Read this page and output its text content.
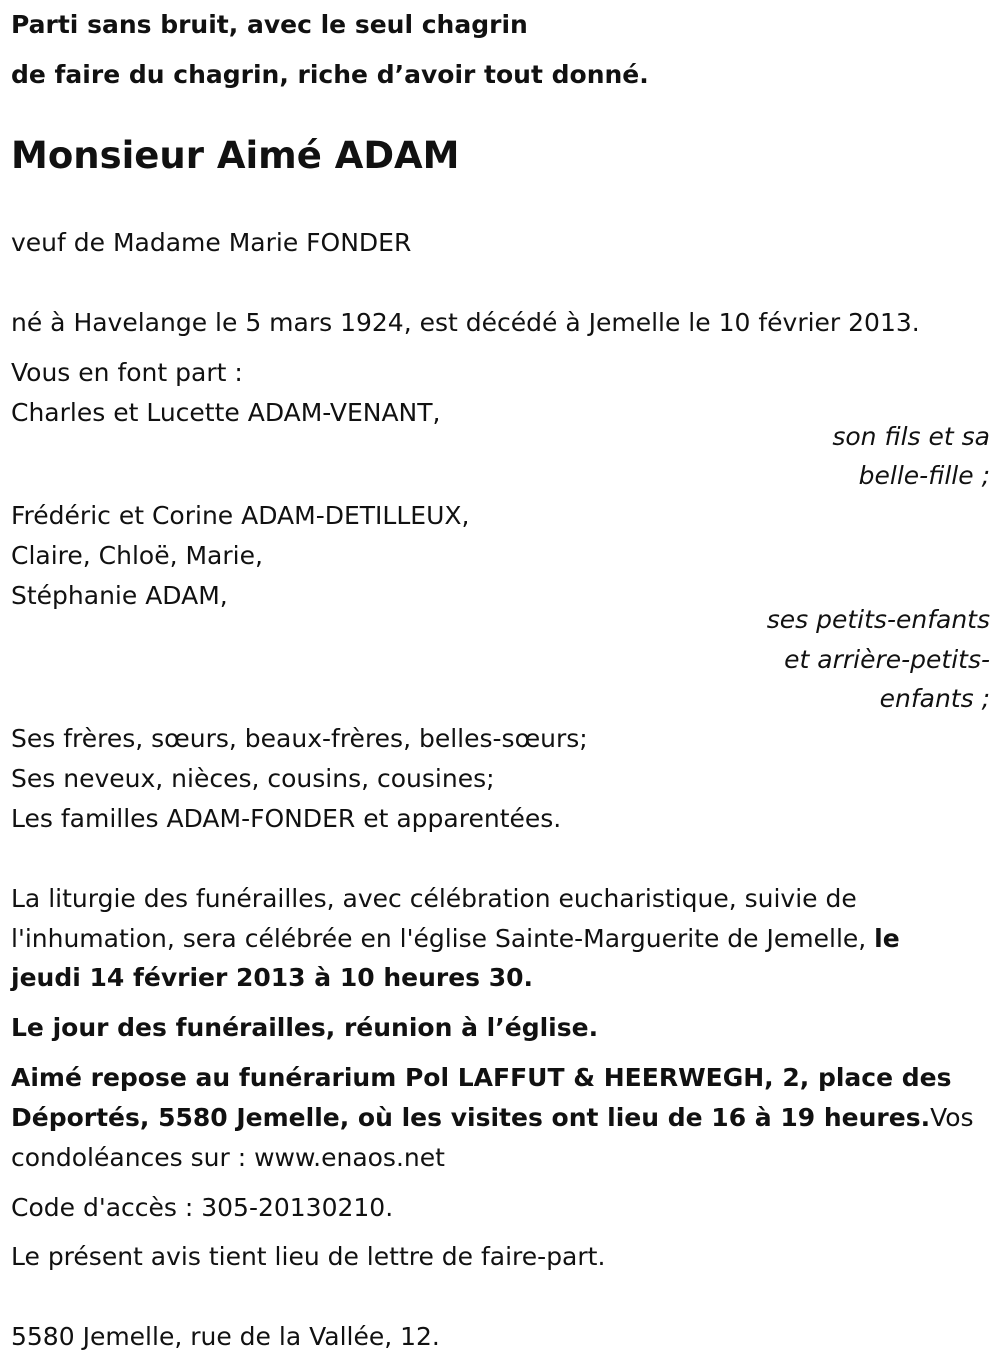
Parti sans bruit, avec le seul chagrin
de faire du chagrin, riche d’avoir tout donné.
Monsieur Aimé ADAM
veuf de Madame Marie FONDER
né à Havelange le 5 mars 1924, est décédé à Jemelle le 10 février 2013.
Vous en font part :
Charles et Lucette ADAM-VENANT,
son fils et sa
belle-fille ;
Frédéric et Corine ADAM-DETILLEUX,
Claire, Chloë, Marie,
Stéphanie ADAM,
ses petits-enfants
et arrière-petits-
enfants ;
Ses frères, sœurs, beaux-frères, belles-sœurs;
Ses neveux, nièces, cousins, cousines;
Les familles ADAM-FONDER et apparentées.
La liturgie des funérailles, avec célébration eucharistique, suivie de
l'inhumation, sera célébrée en l'église Sainte-Marguerite de Jemelle, le
jeudi 14 février 2013 à 10 heures 30.
Le jour des funérailles, réunion à l’église.
Aimé repose au funérarium Pol LAFFUT & HEERWEGH, 2, place des
Déportés, 5580 Jemelle, où les visites ont lieu de 16 à 19 heures.Vos
condoléances sur : www.enaos.net
Code d'accès : 305-20130210.
Le présent avis tient lieu de lettre de faire-part.
5580 Jemelle, rue de la Vallée, 12.
